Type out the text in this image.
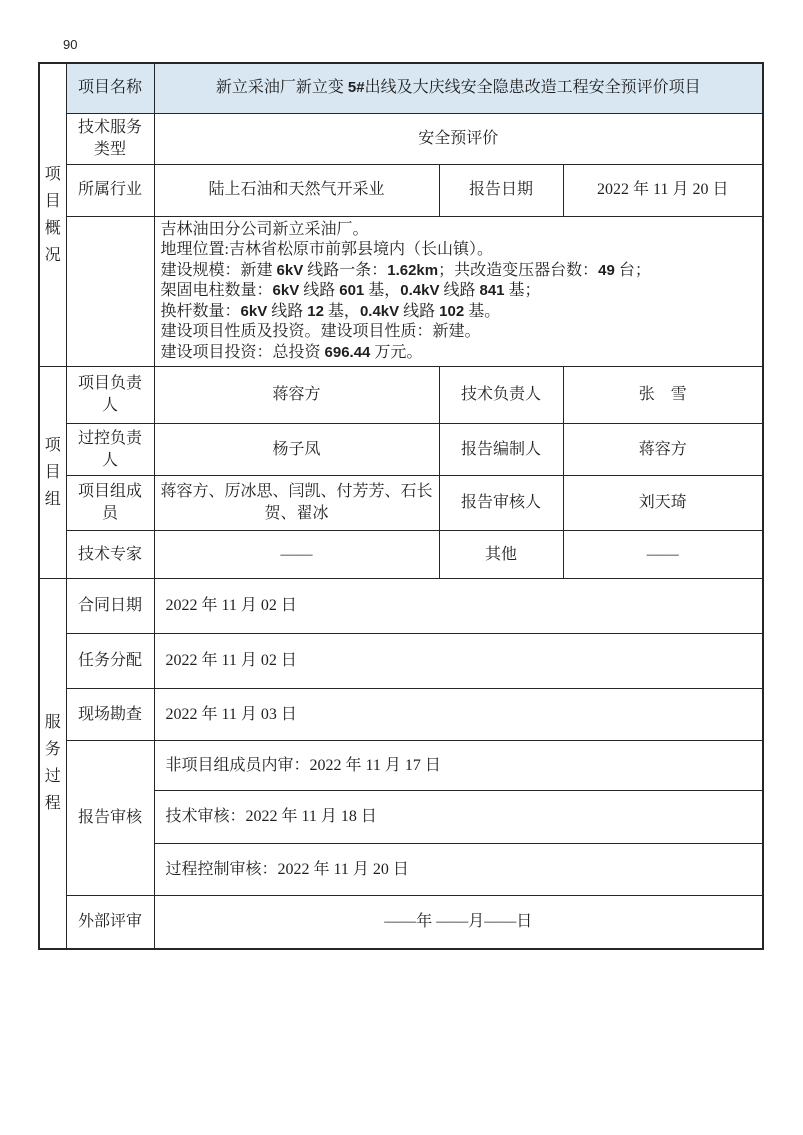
90
项目概况	项目名称	新立采油厂新立变 5#出线及大庆线安全隐患改造工程安全预评价项目		
	技术服务类型	安全预评价		
	所属行业	陆上石油和天然气开采业	报告日期	2022 年 11 月 20 日

吉林油田分公司新立采油厂。
地理位置:吉林省松原市前郭县境内（长山镇）。
建设规模：新建 6kV 线路一条：1.62km；共改造变压器台数：49 台；
架固电柱数量：6kV 线路 601 基，0.4kV 线路 841 基；
换杆数量：6kV 线路 12 基，0.4kV 线路 102 基。
建设项目性质及投资。建设项目性质：新建。
建设项目投资：总投资 696.44 万元。

项目组	项目负责人	蒋容方	技术负责人	张　雪
	过控负责人	杨子凤	报告编制人	蒋容方
	项目组成员	蒋容方、厉冰思、闫凯、付芳芳、石长贺、翟冰	报告审核人	刘天琦
	技术专家	——	其他	——
服务过程	合同日期	2022 年 11 月 02 日		
	任务分配	2022 年 11 月 02 日		
	现场勘查	2022 年 11 月 03 日		
	报告审核	非项目组成员内审：2022 年 11 月 17 日		
		技术审核：2022 年 11 月 18 日		
		过程控制审核：2022 年 11 月 20 日		
	外部评审	——年 ——月——日		
